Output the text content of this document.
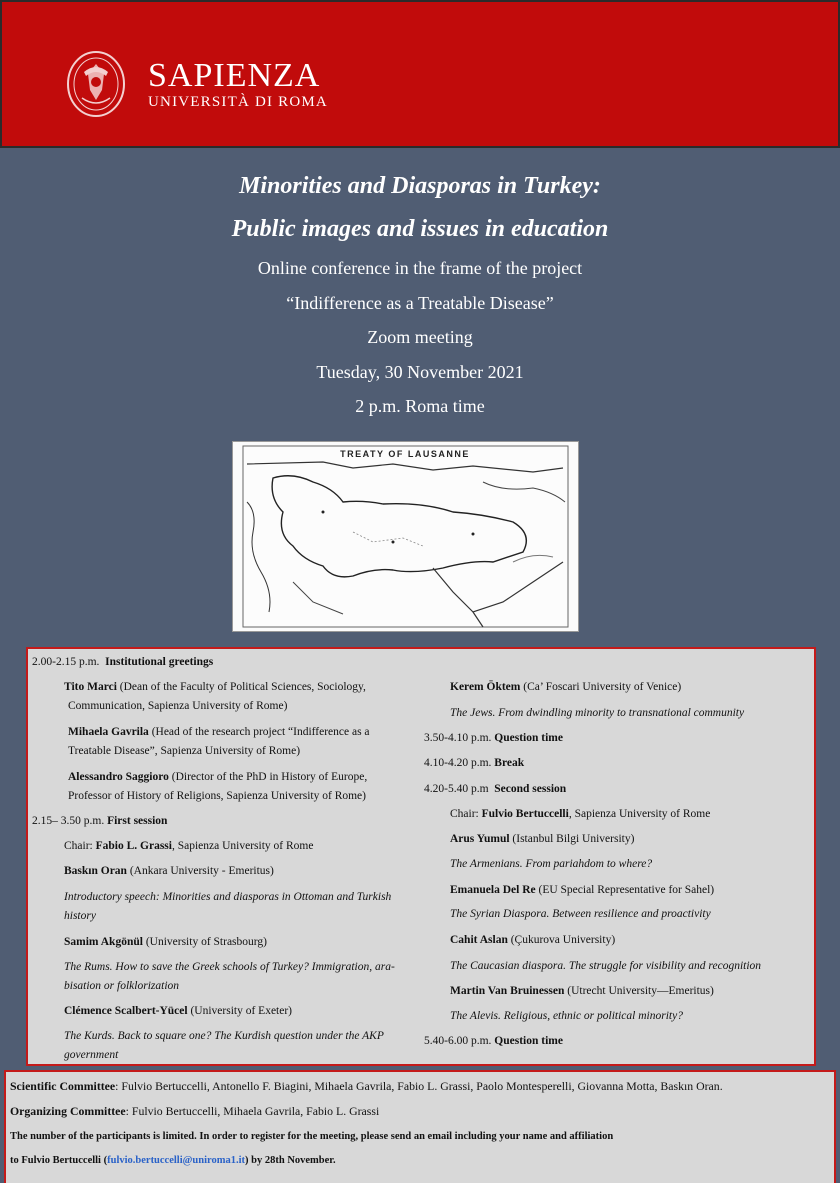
SAPIENZA
UNIVERSITÀ DI ROMA
Minorities and Diasporas in Turkey:
Public images and issues in education
Online conference in the frame of the project
“Indifference as a Treatable Disease”
Zoom meeting
Tuesday, 30 November 2021
2 p.m. Roma time
TREATY OF LAUSANNE
2.00-2.15 p.m. Institutional greetings
Tito Marci (Dean of the Faculty of Political Sciences, Sociology,
Communication, Sapienza University of Rome)
Mihaela Gavrila (Head of the research project “Indifference as a
Treatable Disease”, Sapienza University of Rome)
Alessandro Saggioro (Director of the PhD in History of Europe,
Professor of History of Religions, Sapienza University of Rome)
2.15– 3.50 p.m. First session
Chair: Fabio L. Grassi, Sapienza University of Rome
Baskın Oran (Ankara University - Emeritus)
Introductory speech: Minorities and diasporas in Ottoman and Turkish
history
Samim Akgönül (University of Strasbourg)
The Rums. How to save the Greek schools of Turkey? Immigration, ara-
bisation or folklorization
Clémence Scalbert-Yücel (University of Exeter)
The Kurds. Back to square one? The Kurdish question under the AKP
government
Kerem Öktem (Ca’ Foscari University of Venice)
The Jews. From dwindling minority to transnational community
3.50-4.10 p.m. Question time
4.10-4.20 p.m. Break
4.20-5.40 p.m Second session
Chair: Fulvio Bertuccelli, Sapienza University of Rome
Arus Yumul (Istanbul Bilgi University)
The Armenians. From pariahdom to where?
Emanuela Del Re (EU Special Representative for Sahel)
The Syrian Diaspora. Between resilience and proactivity
Cahit Aslan (Çukurova University)
The Caucasian diaspora. The struggle for visibility and recognition
Martin Van Bruinessen (Utrecht University—Emeritus)
The Alevis. Religious, ethnic or political minority?
5.40-6.00 p.m. Question time
Scientific Committee: Fulvio Bertuccelli, Antonello F. Biagini, Mihaela Gavrila, Fabio L. Grassi, Paolo Montesperelli, Giovanna Motta, Baskın Oran.
Organizing Committee: Fulvio Bertuccelli, Mihaela Gavrila, Fabio L. Grassi
The number of the participants is limited. In order to register for the meeting, please send an email including your name and affiliation
to Fulvio Bertuccelli (fulvio.bertuccelli@uniroma1.it) by 28th November.
